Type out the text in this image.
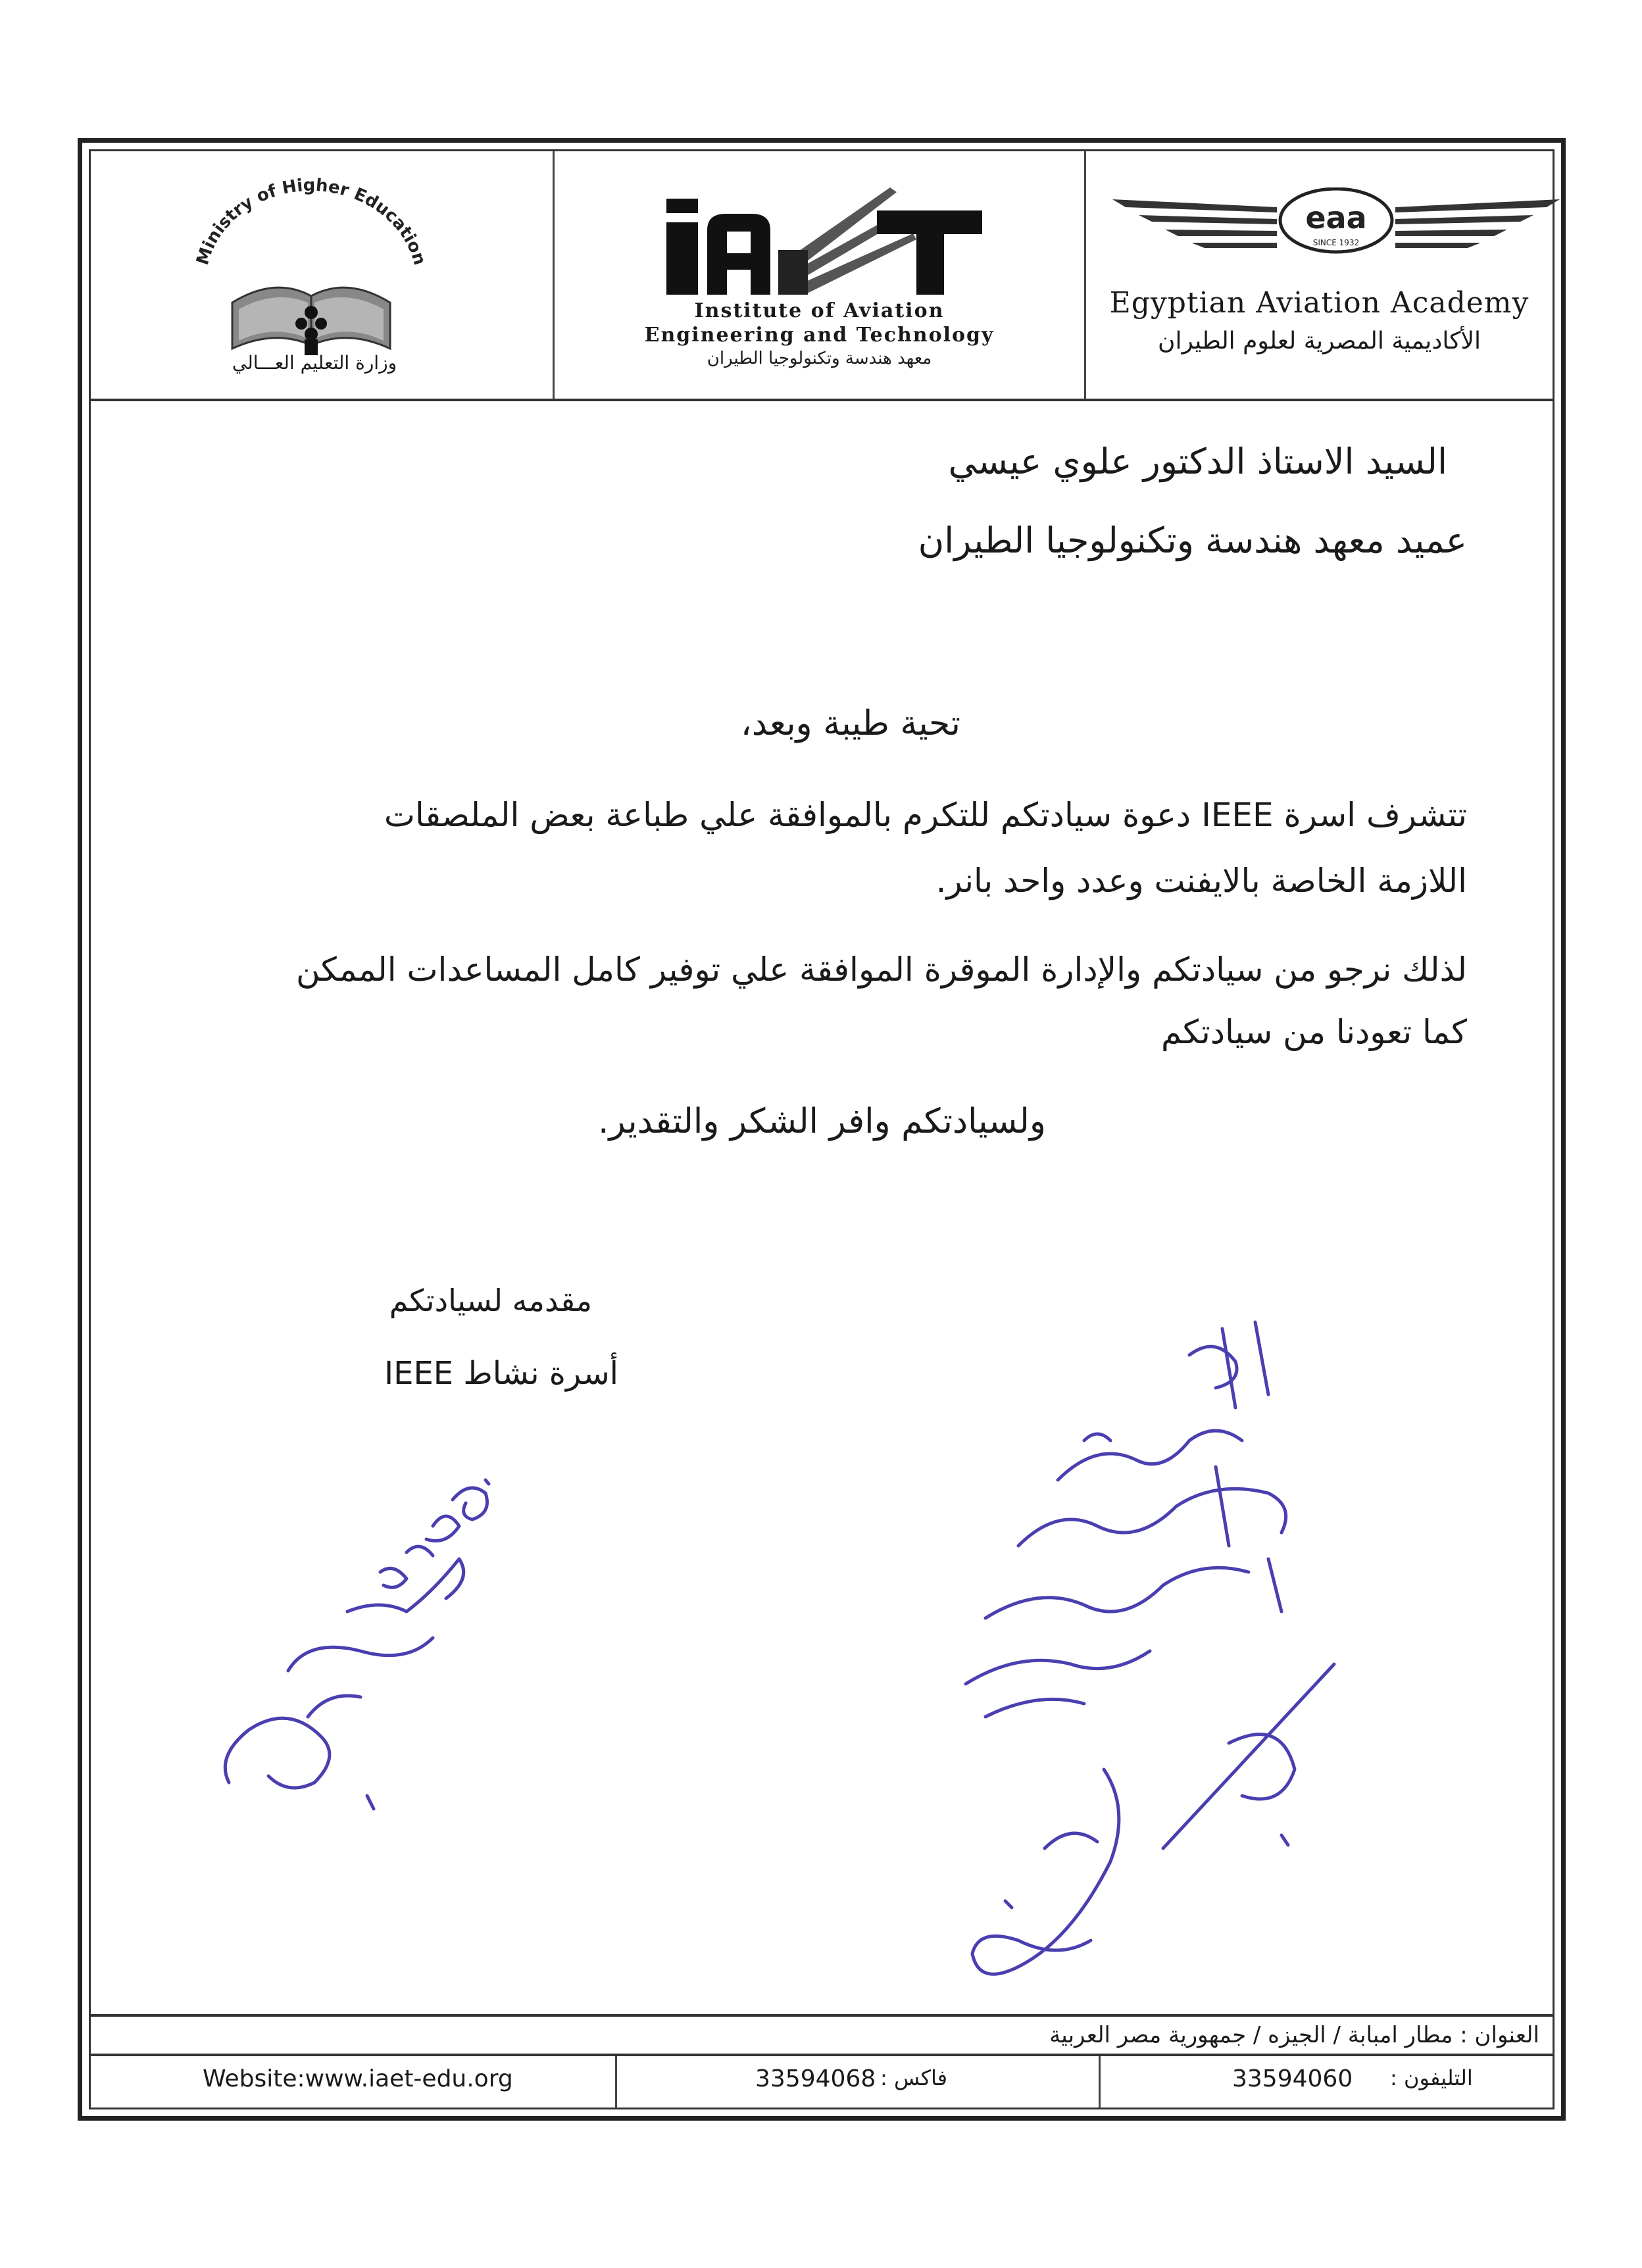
Ministry of Higher Education
وزارة التعليم العـــالي
Institute of Aviation
Engineering and Technology
معهد هندسة وتكنولوجيا الطيران
eaa
SINCE 1932
Egyptian Aviation Academy
الأكاديمية المصرية لعلوم الطيران
السيد الاستاذ الدكتور علوي عيسي
عميد معهد هندسة وتكنولوجيا الطيران
تحية طيبة وبعد،
تتشرف اسرة IEEE دعوة سيادتكم للتكرم بالموافقة علي طباعة بعض الملصقات
اللازمة الخاصة بالايفنت وعدد واحد بانر.
لذلك نرجو من سيادتكم والإدارة الموقرة الموافقة علي توفير كامل المساعدات الممكن
كما تعودنا من سيادتكم
ولسيادتكم وافر الشكر والتقدير.
مقدمه لسيادتكم
أسرة نشاط IEEE
العنوان : مطار امبابة / الجيزه / جمهورية مصر العربية
Website:www.iaet-edu.org	33594068 فاكس :	33594060 التليفون :
